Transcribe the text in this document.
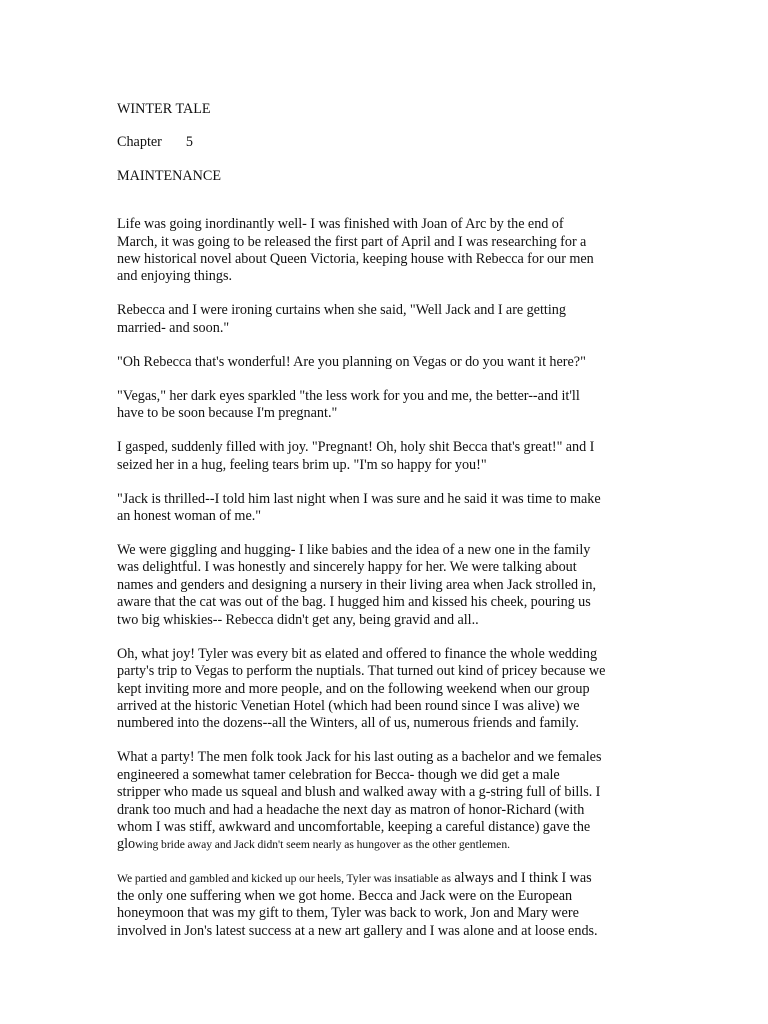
WINTER TALE
Chapter 5
MAINTENANCE

Life was going inordinantly well- I was finished with Joan of Arc by the end of
March, it was going to be released the first part of April and I was researching for a
new historical novel about Queen Victoria, keeping house with Rebecca for our men
and enjoying things.

Rebecca and I were ironing curtains when she said, "Well Jack and I are getting
married- and soon."

"Oh Rebecca that's wonderful! Are you planning on Vegas or do you want it here?"

"Vegas," her dark eyes sparkled "the less work for you and me, the better--and it'll
have to be soon because I'm pregnant."

I gasped, suddenly filled with joy. "Pregnant! Oh, holy shit Becca that's great!" and I
seized her in a hug, feeling tears brim up. "I'm so happy for you!"

"Jack is thrilled--I told him last night when I was sure and he said it was time to make
an honest woman of me."

We were giggling and hugging- I like babies and the idea of a new one in the family
was delightful. I was honestly and sincerely happy for her. We were talking about
names and genders and designing a nursery in their living area when Jack strolled in,
aware that the cat was out of the bag. I hugged him and kissed his cheek, pouring us
two big whiskies-- Rebecca didn't get any, being gravid and all..

Oh, what joy! Tyler was every bit as elated and offered to finance the whole wedding
party's trip to Vegas to perform the nuptials. That turned out kind of pricey because we
kept inviting more and more people, and on the following weekend when our group
arrived at the historic Venetian Hotel (which had been round since I was alive) we
numbered into the dozens--all the Winters, all of us, numerous friends and family.

What a party! The men folk took Jack for his last outing as a bachelor and we females
engineered a somewhat tamer celebration for Becca- though we did get a male
stripper who made us squeal and blush and walked away with a g-string full of bills. I
drank too much and had a headache the next day as matron of honor-Richard (with
whom I was stiff, awkward and uncomfortable, keeping a careful distance) gave the
glowing bride away and Jack didn't seem nearly as hungover as the other gentlemen.

We partied and gambled and kicked up our heels, Tyler was insatiable as always and I think I was
the only one suffering when we got home. Becca and Jack were on the European
honeymoon that was my gift to them, Tyler was back to work, Jon and Mary were
involved in Jon's latest success at a new art gallery and I was alone and at loose ends.
